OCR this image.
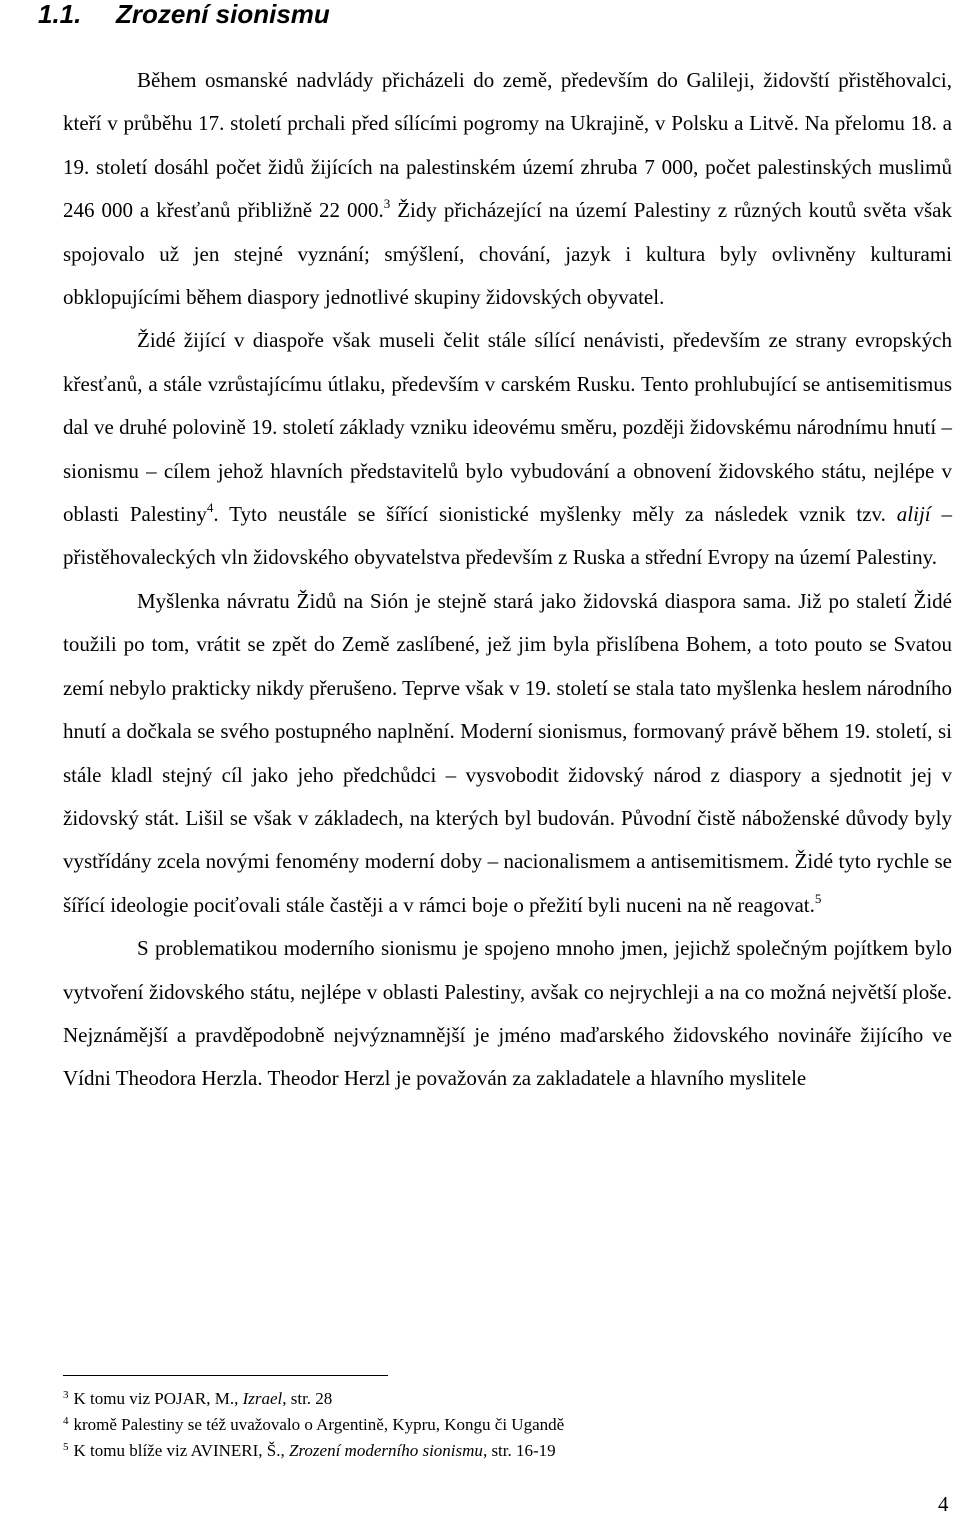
1.1. Zrození sionismu

Během osmanské nadvlády přicházeli do země, především do Galileji, židovští přistěhovalci, kteří v průběhu 17. století prchali před sílícími pogromy na Ukrajině, v Polsku a Litvě. Na přelomu 18. a 19. století dosáhl počet židů žijících na palestinském území zhruba 7 000, počet palestinských muslimů 246 000 a křesťanů přibližně 22 000.$^3$ Židy přicházející na území Palestiny z různých koutů světa však spojovalo už jen stejné vyznání; smýšlení, chování, jazyk i kultura byly ovlivněny kulturami obklopujícími během diaspory jednotlivé skupiny židovských obyvatel.

Židé žijící v diaspoře však museli čelit stále sílící nenávisti, především ze strany evropských křesťanů, a stále vzrůstajícímu útlaku, především v carském Rusku. Tento prohlubující se antisemitismus dal ve druhé polovině 19. století základy vzniku ideovému směru, později židovskému národnímu hnutí – sionismu – cílem jehož hlavních představitelů bylo vybudování a obnovení židovského státu, nejlépe v oblasti Palestiny$^4$. Tyto neustále se šířící sionistické myšlenky měly za následek vznik tzv. alijí – přistěhovaleckých vln židovského obyvatelstva především z Ruska a střední Evropy na území Palestiny.

Myšlenka návratu Židů na Sión je stejně stará jako židovská diaspora sama. Již po staletí Židé toužili po tom, vrátit se zpět do Země zaslíbené, jež jim byla přislíbena Bohem, a toto pouto se Svatou zemí nebylo prakticky nikdy přerušeno. Teprve však v 19. století se stala tato myšlenka heslem národního hnutí a dočkala se svého postupného naplnění. Moderní sionismus, formovaný právě během 19. století, si stále kladl stejný cíl jako jeho předchůdci – vysvobodit židovský národ z diaspory a sjednotit jej v židovský stát. Lišil se však v základech, na kterých byl budován. Původní čistě náboženské důvody byly vystřídány zcela novými fenomény moderní doby – nacionalismem a antisemitismem. Židé tyto rychle se šířící ideologie pociťovali stále častěji a v rámci boje o přežití byli nuceni na ně reagovat.$^5$

S problematikou moderního sionismu je spojeno mnoho jmen, jejichž společným pojítkem bylo vytvoření židovského státu, nejlépe v oblasti Palestiny, avšak co nejrychleji a na co možná největší ploše. Nejznámější a pravděpodobně nejvýznamnější je jméno maďarského židovského novináře žijícího ve Vídni Theodora Herzla. Theodor Herzl je považován za zakladatele a hlavního myslitele

$^3$ K tomu viz POJAR, M., Izrael, str. 28

$^4$ kromě Palestiny se též uvažovalo o Argentině, Kypru, Kongu či Ugandě

$^5$ K tomu blíže viz AVINERI, Š., Zrození moderního sionismu, str. 16-19

4
